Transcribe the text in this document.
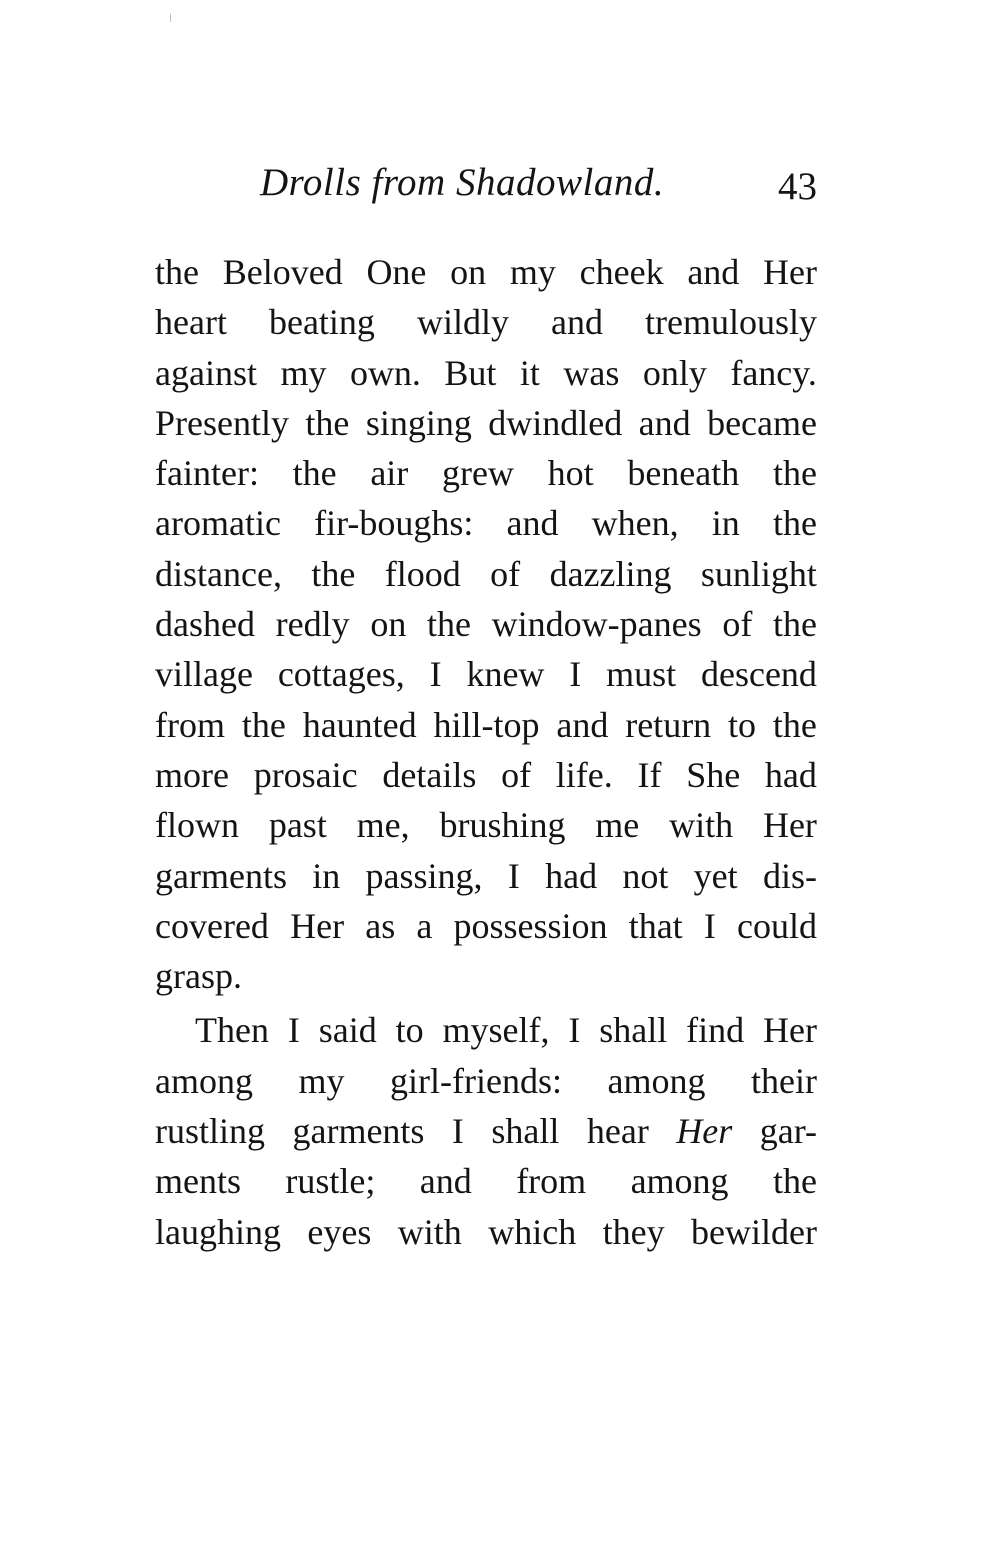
Drolls from Shadowland.	43
the Beloved One on my cheek and Her
heart beating wildly and tremulously
against my own. But it was only fancy.
Presently the singing dwindled and became
fainter: the air grew hot beneath the
aromatic fir-boughs: and when, in the
distance, the flood of dazzling sunlight
dashed redly on the window-panes of the
village cottages, I knew I must descend
from the haunted hill-top and return to the
more prosaic details of life. If She had
flown past me, brushing me with Her
garments in passing, I had not yet dis-
covered Her as a possession that I could
grasp.
Then I said to myself, I shall find Her
among my girl-friends: among their
rustling garments I shall hear Her gar-
ments rustle; and from among the
laughing eyes with which they bewilder
